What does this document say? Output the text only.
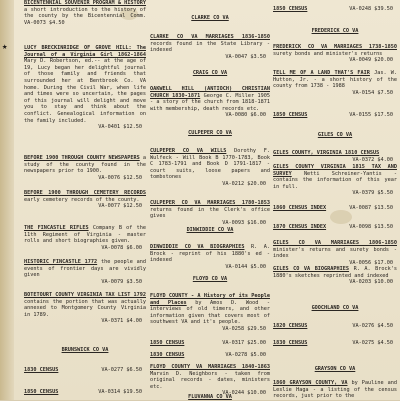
★
BICENTENNIAL SOUVENIR PROGRAM & HISTORY a short introduction to the history of the county by the Bicentennial Comm. VA-0073 $4.50
LUCY BRECKINRIDGE OF GROVE HILL: The Journal of a Virginia Girl 1862-1864 Mary D. Robertson, ed.-- at the age of 19, Lucy began her delightful journal of those family and friends that surrounded her at Bentbrook Co. VA home. During the Civil War, when life and times were so uncertain, the pages of this journal will delight and move you to stay and think about the conflict. Genealogical information on the family included.
VA-0401 $12.50
BEFORE 1900 THROUGH COUNTY NEWSPAPERS a study of the county found in the newspapers prior to 1900.
VA-0076 $12.50
BEFORE 1900 THROUGH CEMETERY RECORDS early cemetery records of the county.
VA-0077 $12.50
THE FINCASTLE RIFLES Company B of the 11th Regiment of Virginia - master rolls and short biographies given.
VA-0078 $6.00
HISTORIC FINCASTLE 1772 the people and events of frontier days are vividly given
VA-0079 $3.50
BOTETOURT COUNTY VIRGINIA TAX LIST 1792 contains the portion that was actually annexed to Montgomery County Virginia in 1789.
VA-0371 $4.00
BRUNSWICK CO VA
1830 CENSUS	VA-0277 $6.50
1850 CENSUS	VA-0314 $19.50
CLARKE CO VA
CLARKE CO VA MARRIAGES 1836-1850 records found in the State Library - indexed
VA-0047 $3.50
CRAIG CO VA
OAKWELL HILL (ANTIOCH) CHRISTIAN CHURCH 1830-1871 George C. Miller 1905 - a story of the church from 1818-1871 with membership, death records etc.
VA-0080 $6.00
CULPEPER CO VA
CULPEPER CO VA WILLS Dorothy F. Wulfeck - Will Book B 1770-1783, Book C 1783-1791 and Book D 1791-1817 - court suits, loose papers and tombstones
VA-0212 $20.00
CULPEPER CO VA MARRIAGES 1780-1853 returns found in the Clerk's office gives
VA-0093 $16.00
DINWIDDIE CO VA
DINWIDDIE CO VA BIOGRAPHIES R. A. Brock - reprint of his 1880's ed - indexed
VA-0144 $5.00
FLOYD CO VA
FLOYD COUNTY - A History of its People and Places by Amos D. Wood - interviews of old timers, and other information given that covers most of southwest VA and it's people.
VA-0258 $29.50
1850 CENSUS	VA-0317 $25.00
1830 CENSUS	VA-0278 $5.00
FLOYD COUNTY VA MARRIAGES 1840-1863 Marvin D. Neighbors - taken from original records - dates, ministers etc.
VA-0244 $10.00
FLUVANNA CO VA
1850 CENSUS	VA-0248 $39.50
FREDERICK CO VA
FREDERICK CO VA MARRIAGES 1738-1850 surety bonds and minister's returns
VA-0049 $20.00
TELL ME OF A LAND THAT'S FAIR Jas. W. Hutton, Jr. - a short history of the county from 1738 - 1988
VA-0154 $7.50
1850 CENSUS	VA-0155 $17.50
GILES CO VA
GILES COUNTY, VIRGINIA 1810 CENSUS
VA-0372 $4.00
GILES COUNTY VIRGINIA 1815 TAX AND SURVEY Netti Schreiner-Yantis - contains the information of this year in full.
VA-0379 $5.50
1860 CENSUS INDEX	VA-0087 $13.50
1870 CENSUS INDEX	VA-0098 $13.50
GILES CO VA MARRIAGES 1806-1850 minister's returns and surety bonds - index
VA-0056 $17.00
GILES CO VA BIOGRAPHIES R. A. Brock's 1880's sketches reprinted and indexed
VA-0203 $10.00
GOOCHLAND CO VA
1820 CENSUS	VA-0276 $4.50
1830 CENSUS	VA-0275 $4.50
GRAYSON CO VA
1860 GRAYSON COUNTY, VA by Pauline and Leslie Haga - a listing of the census records, just prior to the
